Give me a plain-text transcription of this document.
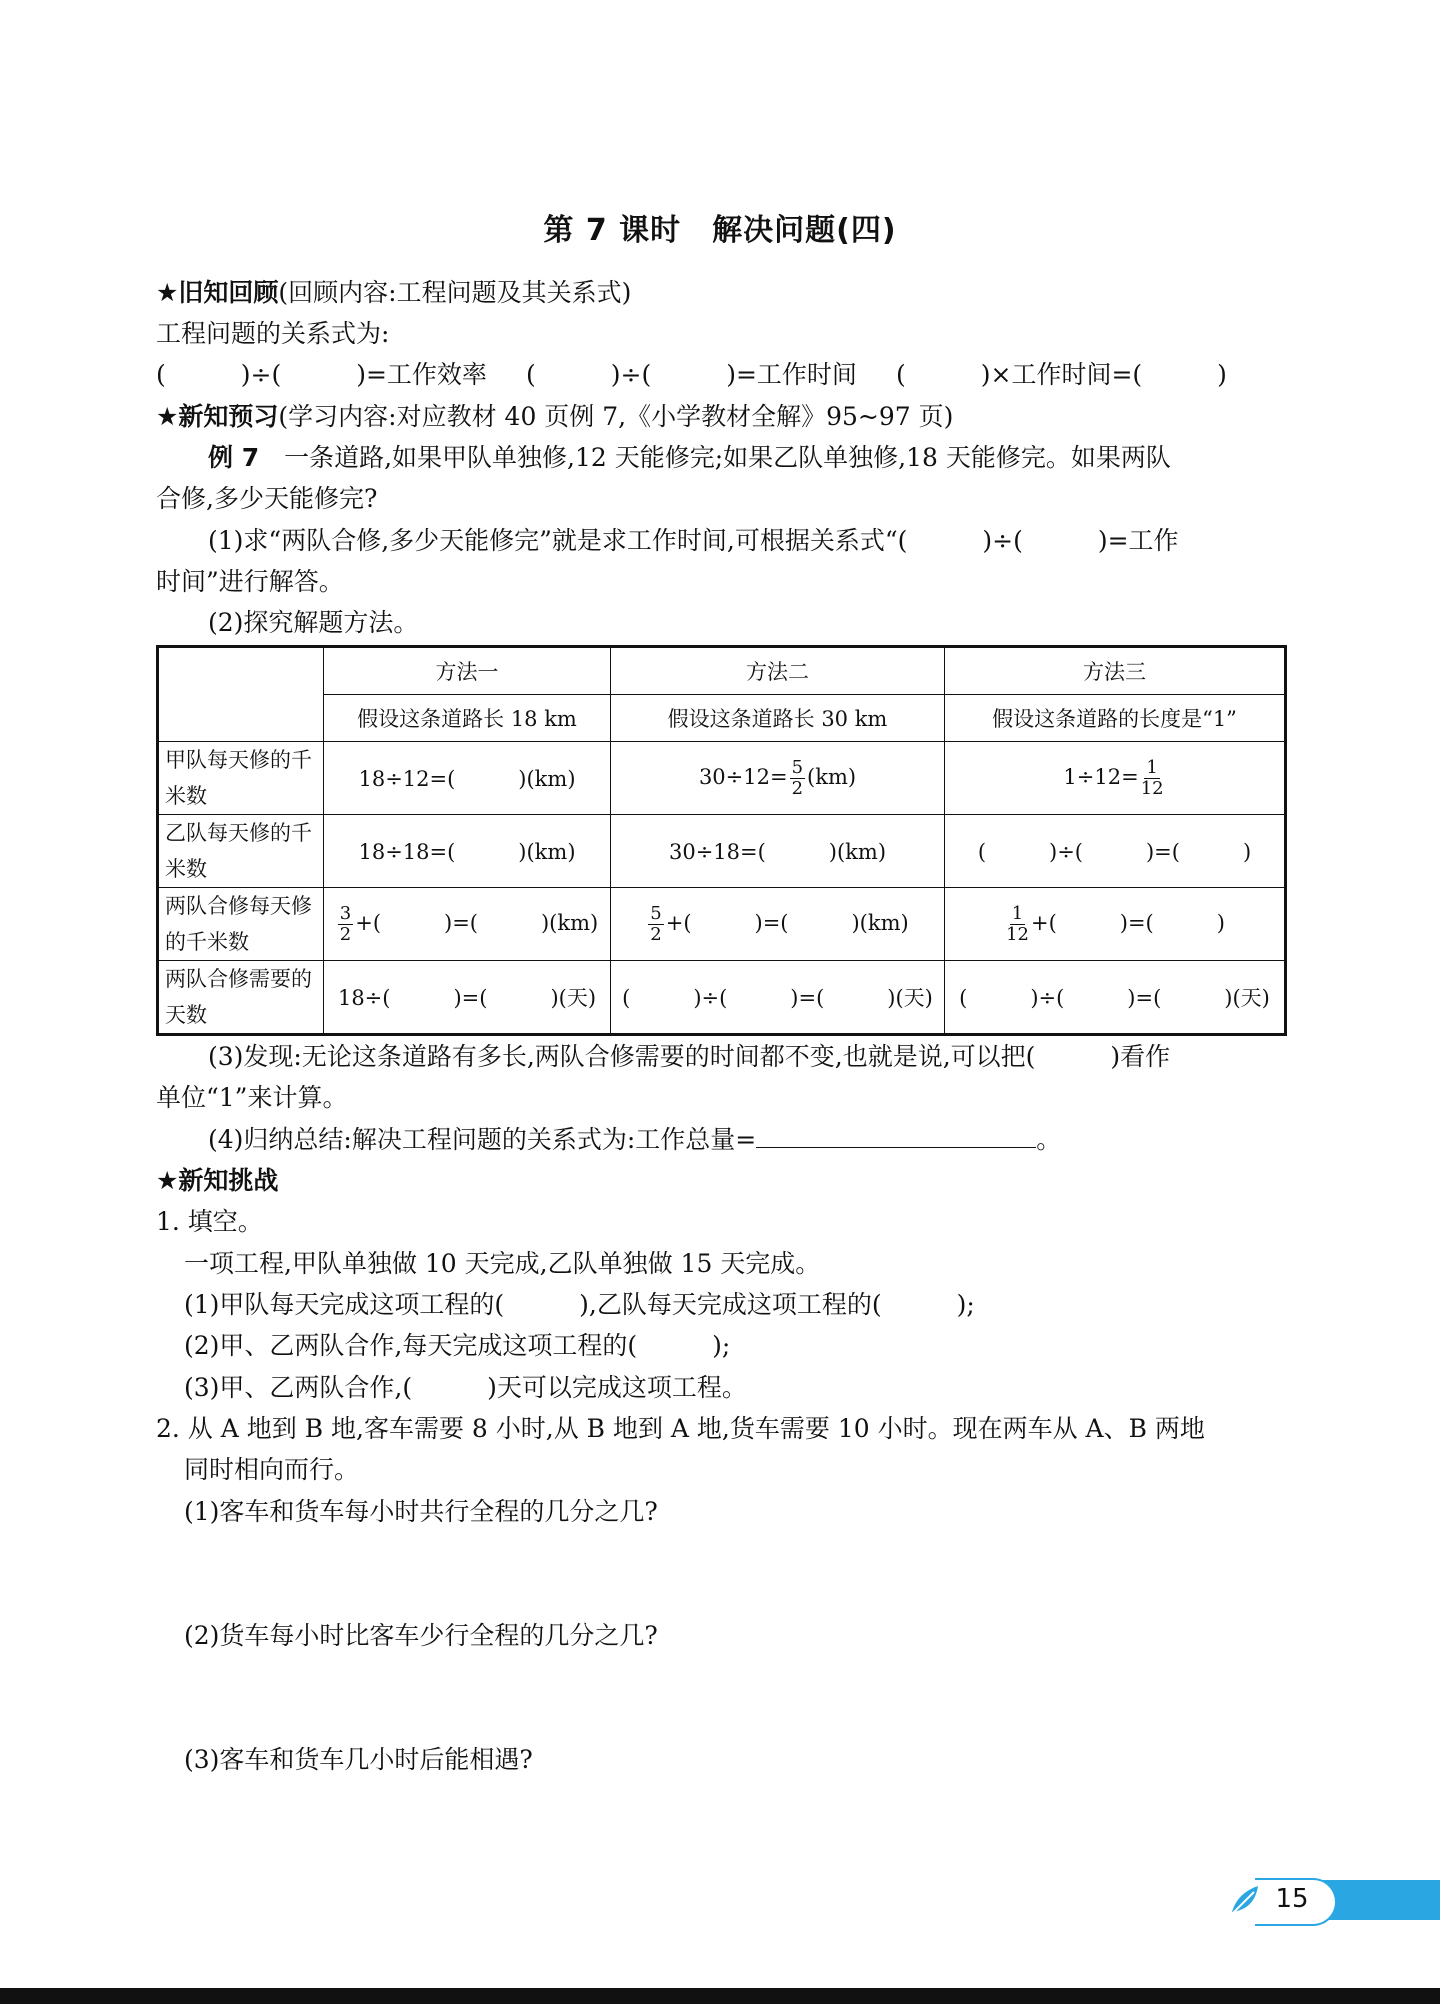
第 7 课时　解决问题(四)
★旧知回顾(回顾内容:工程问题及其关系式)
工程问题的关系式为:
(　　　)÷(　　　)=工作效率 (　　　)÷(　　　)=工作时间 (　　　)×工作时间=(　　　)
★新知预习(学习内容:对应教材 40 页例 7,《小学教材全解》95~97 页)
例 7　一条道路,如果甲队单独修,12 天能修完;如果乙队单独修,18 天能修完。如果两队
合修,多少天能修完?
(1)求“两队合修,多少天能修完”就是求工作时间,可根据关系式“(　　　)÷(　　　)=工作
时间”进行解答。
(2)探究解题方法。
	方法一	方法二	方法三
	假设这条道路长 18 km	假设这条道路长 30 km	假设这条道路的长度是“1”
甲队每天修的千米数	18÷12=(　　　)(km)	$30\div 12= \frac{5}{2} (km)$	$1\div 12= \frac{1}{12}$

乙队每天修的千米数	18÷18=(　　　)(km)	30÷18=(　　　)(km)	(　　　)÷(　　　)=(　　　)
两队合修每天修的千米数	$\frac{3}{2}$ +(　　　)=(　　　)(km)	$\frac{5}{2}$ +(　　　)=(　　　)(km)	$\frac{1}{12}$ +(　　　)=(　　　)
两队合修需要的天数	18÷(　　　)=(　　　)(天)	(　　　)÷(　　　)=(　　　)(天)	(　　　)÷(　　　)=(　　　)(天)
(3)发现:无论这条道路有多长,两队合修需要的时间都不变,也就是说,可以把(　　　)看作
单位“1”来计算。
(4)归纳总结:解决工程问题的关系式为:工作总量=	。
★新知挑战
1. 填空。
一项工程,甲队单独做 10 天完成,乙队单独做 15 天完成。
(1)甲队每天完成这项工程的(　　　),乙队每天完成这项工程的(　　　);
(2)甲、乙两队合作,每天完成这项工程的(　　　);
(3)甲、乙两队合作,(　　　)天可以完成这项工程。
2. 从 A 地到 B 地,客车需要 8 小时,从 B 地到 A 地,货车需要 10 小时。现在两车从 A、B 两地
同时相向而行。
(1)客车和货车每小时共行全程的几分之几?
(2)货车每小时比客车少行全程的几分之几?
(3)客车和货车几小时后能相遇?
15
